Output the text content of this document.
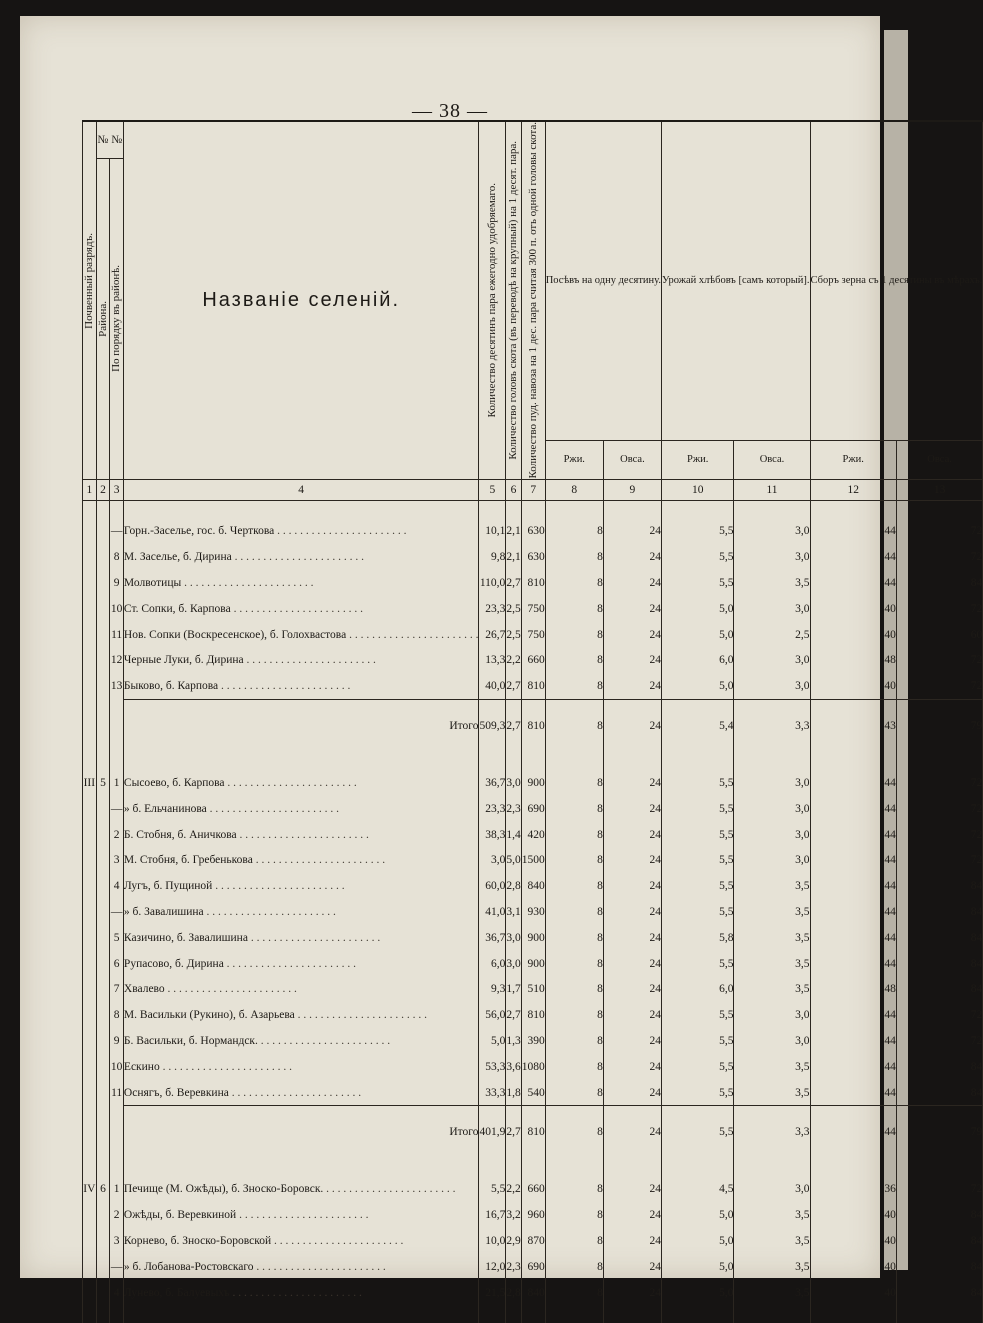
— 38 —
Почвенный разрядъ.	№ №		Названіе селеній.	Количество десятинъ пара ежегодно удобряемаго.	Количество головъ скота (въ переводѣ на крупный) на 1 десят. пара.	Количество пуд. навоза на 1 дес. пара считая 300 п. отъ одной головы скота.	Посѣвъ на одну десятину.		Урожай хлѣбовъ [самъ который].		Сборъ зерна съ 1 десятины въ мѣрахъ.	

	Района.	По порядку въ районѣ.										

							Ржи.	Овса.	Ржи.	Овса.	Ржи.	Овса.
1	2	3	4	5	6	7	8	9	10	11	12	13

		—	Горн.-Заселье, гос. б. Черткова . . . . . . . . . . . . . . . . . . . . . . .	10,1	2,1	630	8	24	5,5	3,0	44	72
		8	М. Заселье, б. Дирина . . . . . . . . . . . . . . . . . . . . . . .	9,8	2,1	630	8	24	5,5	3,0	44	72
		9	Молвотицы . . . . . . . . . . . . . . . . . . . . . . .	110,0	2,7	810	8	24	5,5	3,5	44	84
		10	Ст. Сопки, б. Карпова . . . . . . . . . . . . . . . . . . . . . . .	23,3	2,5	750	8	24	5,0	3,0	40	72
		11	Нов. Сопки (Воскресенское), б. Голохвастова . . . . . . . . . . . . . . . . . . . . . . .	26,7	2,5	750	8	24	5,0	2,5	40	60
		12	Черные Луки, б. Дирина . . . . . . . . . . . . . . . . . . . . . . .	13,3	2,2	660	8	24	6,0	3,0	48	72
		13	Быково, б. Карпова . . . . . . . . . . . . . . . . . . . . . . .	40,0	2,7	810	8	24	5,0	3,0	40	72
			Итого	509,3	2,7	810	8	24	5,4	3,3	43	79

III	5	1	Сысоево, б. Карпова . . . . . . . . . . . . . . . . . . . . . . .	36,7	3,0	900	8	24	5,5	3,0	44	72
		—	» б. Ельчанинова . . . . . . . . . . . . . . . . . . . . . . .	23,3	2,3	690	8	24	5,5	3,0	44	72
		2	Б. Стобня, б. Аничкова . . . . . . . . . . . . . . . . . . . . . . .	38,3	1,4	420	8	24	5,5	3,0	44	72
		3	М. Стобня, б. Гребенькова . . . . . . . . . . . . . . . . . . . . . . .	3,0	5,0	1500	8	24	5,5	3,0	44	72
		4	Лугъ, б. Пущиной . . . . . . . . . . . . . . . . . . . . . . .	60,0	2,8	840	8	24	5,5	3,5	44	84
		—	» б. Завалишина . . . . . . . . . . . . . . . . . . . . . . .	41,0	3,1	930	8	24	5,5	3,5	44	84
		5	Казичино, б. Завалишина . . . . . . . . . . . . . . . . . . . . . . .	36,7	3,0	900	8	24	5,8	3,5	44	84
		6	Рупасово, б. Дирина . . . . . . . . . . . . . . . . . . . . . . .	6,0	3,0	900	8	24	5,5	3,5	44	84
		7	Хвалево . . . . . . . . . . . . . . . . . . . . . . .	9,3	1,7	510	8	24	6,0	3,5	48	84
		8	М. Васильки (Рукино), б. Азарьева . . . . . . . . . . . . . . . . . . . . . . .	56,0	2,7	810	8	24	5,5	3,0	44	72
		9	Б. Васильки, б. Нормандск. . . . . . . . . . . . . . . . . . . . . . . .	5,0	1,3	390	8	24	5,5	3,0	44	72
		10	Ескино . . . . . . . . . . . . . . . . . . . . . . .	53,3	3,6	1080	8	24	5,5	3,5	44	84
		11	Оснягъ, б. Веревкина . . . . . . . . . . . . . . . . . . . . . . .	33,3	1,8	540	8	24	5,5	3,5	44	84
			Итого	401,9	2,7	810	8	24	5,5	3,3	44	79

IV	6	1	Печище (М. Ожѣды), б. Зноско-Боровск. . . . . . . . . . . . . . . . . . . . . . . .	5,5	2,2	660	8	24	4,5	3,0	36	72
		2	Ожѣды, б. Веревкиной . . . . . . . . . . . . . . . . . . . . . . .	16,7	3,2	960	8	24	5,0	3,5	40	84
		3	Корнево, б. Зноско-Боровской . . . . . . . . . . . . . . . . . . . . . . .	10,0	2,9	870	8	24	5,0	3,5	40	84
		—	» б. Лобанова-Ростовскаго . . . . . . . . . . . . . . . . . . . . . . .	12,0	2,3	690	8	24	5,0	3,5	40	84
		4	Лунево, б. Балуевыхъ . . . . . . . . . . . . . . . . . . . . . . .	21,5	2,8	840	8	24	5,0	3,5	40	84
